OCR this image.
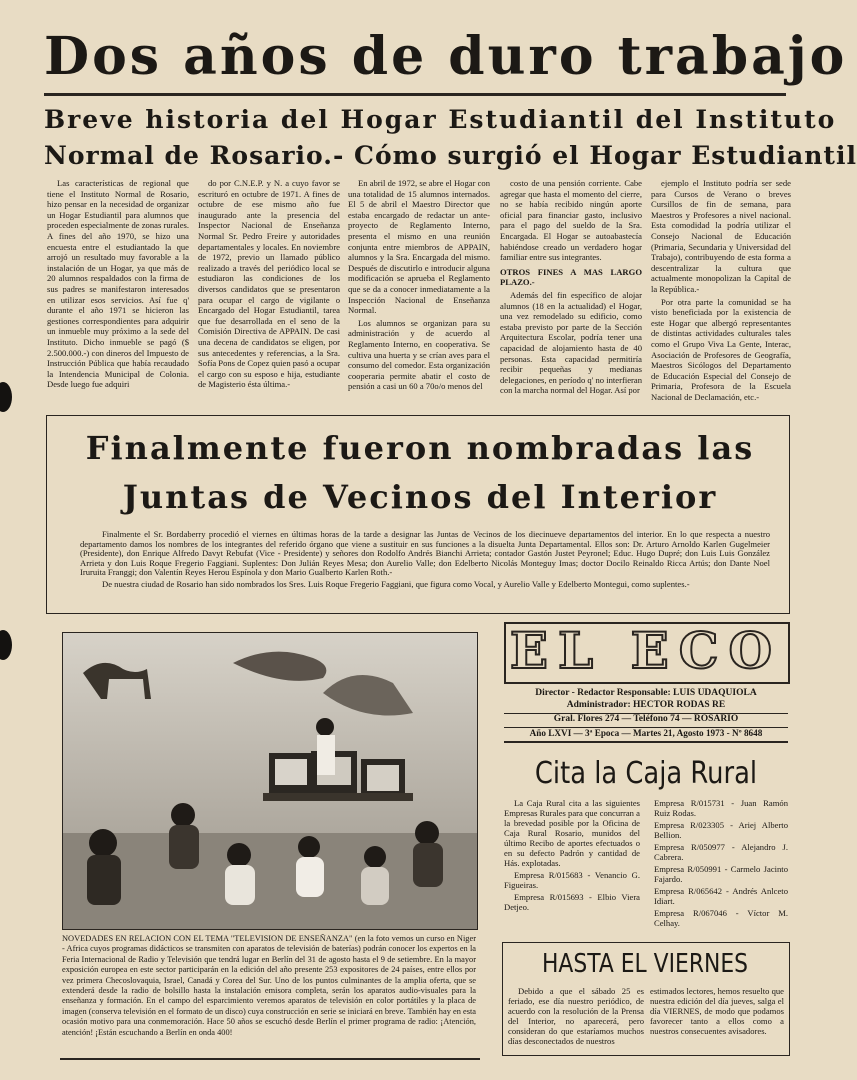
Dos años de duro trabajo
Breve historia del Hogar Estudiantil del Instituto
Normal de Rosario.- Cómo surgió el Hogar Estudiantil

Las características de regional que tiene el Instituto Normal de Rosario, hizo pensar en la necesidad de organizar un Hogar Estudiantil para alumnos que proceden especialmente de zonas rurales. A fines del año 1970, se hizo una encuesta entre el estudiantado la que arrojó un resultado muy favorable a la instalación de un Hogar, ya que más de 20 alumnos respaldados con la firma de sus padres se manifestaron interesados en utilizar esos servicios. Así fue q' durante el año 1971 se hicieron las gestiones correspondientes para adquirir un inmueble muy próximo a la sede del Instituto. Dicho inmueble se pagó ($ 2.500.000.-) con dineros del Impuesto de Instrucción Pública que había recaudado la Intendencia Municipal de Colonia. Desde luego fue adquiri

do por C.N.E.P. y N. a cuyo favor se escrituró en octubre de 1971. A fines de octubre de ese mismo año fue inaugurado ante la presencia del Inspector Nacional de Enseñanza Normal Sr. Pedro Freire y autoridades departamentales y locales. En noviembre de 1972, previo un llamado público realizado a través del periódico local se estudiaron las condiciones de los diversos candidatos que se presentaron para ocupar el cargo de vigilante o Encargado del Hogar Estudiantil, tarea que fue desarrollada en el seno de la Comisión Directiva de APPAIN. De casi una decena de candidatos se eligen, por sus antecedentes y referencias, a la Sra. Sofía Pons de Copez quien pasó a ocupar el cargo con su esposo e hija, estudiante de Magisterio ésta última.-

En abril de 1972, se abre el Hogar con una totalidad de 15 alumnos internados. El 5 de abril el Maestro Director que estaba encargado de redactar un ante-proyecto de Reglamento Interno, presenta el mismo en una reunión conjunta entre miembros de APPAIN, alumnos y la Sra. Encargada del mismo. Después de discutirlo e introducir alguna modificación se aprueba el Reglamento que se da a conocer inmediatamente a la Inspección Nacional de Enseñanza Normal.

Los alumnos se organizan para su administración y de acuerdo al Reglamento Interno, en cooperativa. Se cultiva una huerta y se crían aves para el consumo del comedor. Esta organización cooperaria permite abatir el costo de pensión a casi un 60 a 70o/o menos del

costo de una pensión corriente. Cabe agregar que hasta el momento del cierre, no se había recibido ningún aporte oficial para financiar gasto, inclusivo para el pago del sueldo de la Sra. Encargada. El Hogar se autoabastecía habiéndose creado un verdadero hogar familiar entre sus integrantes.

OTROS FINES A MAS LARGO PLAZO.-

Además del fin específico de alojar alumnos (18 en la actualidad) el Hogar, una vez remodelado su edificio, como estaba previsto por parte de la Sección Arquitectura Escolar, podría tener una capacidad de alojamiento hasta de 40 personas. Esta capacidad permitiría recibir pequeñas y medianas delegaciones, en período q' no interfieran con la marcha normal del Hogar. Así por

ejemplo el Instituto podría ser sede para Cursos de Verano o breves Cursillos de fin de semana, para Maestros y Profesores a nivel nacional. Esta comodidad la podría utilizar el Consejo Nacional de Educación (Primaria, Secundaria y Universidad del Trabajo), contribuyendo de esta forma a descentralizar la cultura que actualmente monopolizan la Capital de la República.-

Por otra parte la comunidad se ha visto beneficiada por la existencia de este Hogar que albergó representantes de distintas actividades culturales tales como el Grupo Viva La Gente, Interac, Asociación de Profesores de Geografía, Maestros Sicólogos del Departamento de Educación Especial del Consejo de Primaria, Profesora de la Escuela Nacional de Declamación, etc.-

Finalmente fueron nombradas las
Juntas de Vecinos del Interior

Finalmente el Sr. Bordaberry procedió el viernes en últimas horas de la tarde a designar las Juntas de Vecinos de los diecinueve departamentos del interior. En lo que respecta a nuestro departamento damos los nombres de los integrantes del referido órgano que viene a sustituir en sus funciones a la disuelta Junta Departamental. Ellos son: Dr. Arturo Arnoldo Karlen Gugelmeier (Presidente), don Enrique Alfredo Davyt Rebufat (Vice - Presidente) y señores don Rodolfo Andrés Bianchi Arrieta; contador Gastón Justet Peyronel; Educ. Hugo Dupré; don Luis Luis González Arrieta y don Luis Roque Fregerio Faggiani. Suplentes: Don Julián Reyes Mesa; don Aurelio Valle; don Edelberto Nicolás Monteguy Imas; doctor Docilo Reinaldo Ricca Artús; don Dante Noel Iruruita Franggi; don Valentín Reyes Herou Espínola y don Mario Gualberto Karlen Roth.-

De nuestra ciudad de Rosario han sido nombrados los Sres. Luis Roque Fregerio Faggiani, que figura como Vocal, y Aurelio Valle y Edelberto Montegui, como suplentes.-

NOVEDADES EN RELACION CON EL TEMA "TELEVISION DE ENSEÑANZA" (en la foto vemos un curso en Niger - Africa cuyos programas didácticos se transmiten con aparatos de televisión de baterías) podrán conocer los expertos en la Feria Internacional de Radio y Televisión que tendrá lugar en Berlín del 31 de agosto hasta el 9 de setiembre. En la mayor exposición europea en este sector participarán en la edición del año presente 253 expositores de 24 países, entre ellos por vez primera Checoslovaquia, Israel, Canadá y Corea del Sur. Uno de los puntos culminantes de la amplia oferta, que se extenderá desde la radio de bolsillo hasta la instalación emisora completa, serán los aparatos audio-visuales para la enseñanza y formación. En el campo del esparcimiento veremos aparatos de televisión en color portátiles y la placa de imagen (conserva televisión en el formato de un disco) cuya construcción en serie se iniciará en breve. También hay en esta ocasión motivo para una conmemoración. Hace 50 años se escuchó desde Berlín el primer programa de radio: ¡Atención, atención! ¡Están escuchando a Berlín en onda 400!
EL ECO
Director - Redactor Responsable: LUIS UDAQUIOLA
Administrador: HECTOR RODAS RE
Gral. Flores 274 — Teléfono 74 — ROSARIO
Año LXVI — 3ª Epoca — Martes 21, Agosto 1973 - Nº 8648
Cita la Caja Rural

La Caja Rural cita a las siguientes Empresas Rurales para que concurran a la brevedad posible por la Oficina de Caja Rural Rosario, munidos del último Recibo de aportes efectuados o en su defecto Padrón y cantidad de Hás. explotadas.

Empresa R/015683 - Venancio G. Figueiras.

Empresa R/015693 - Elbio Viera Detjeo.

Empresa R/015731 - Juan Ramón Ruiz Rodas.

Empresa R/023305 - Ariej Alberto Bellion.

Empresa R/050977 - Alejandro J. Cabrera.

Empresa R/050991 - Carmelo Jacinto Fajardo.

Empresa R/065642 - Andrés Anlceto Idiart.

Empresa R/067046 - Víctor M. Celhay.

HASTA EL VIERNES
Debido a que el sábado 25 es feriado, ese día nuestro periódico, de acuerdo con la resolución de la Prensa del Interior, no aparecerá, pero consideran do que estaríamos muchos días desconectados de nuestros
estimados lectores, hemos resuelto que nuestra edición del día jueves, salga el día VIERNES, de modo que podamos favorecer tanto a ellos como a nuestros consecuentes avisadores.
